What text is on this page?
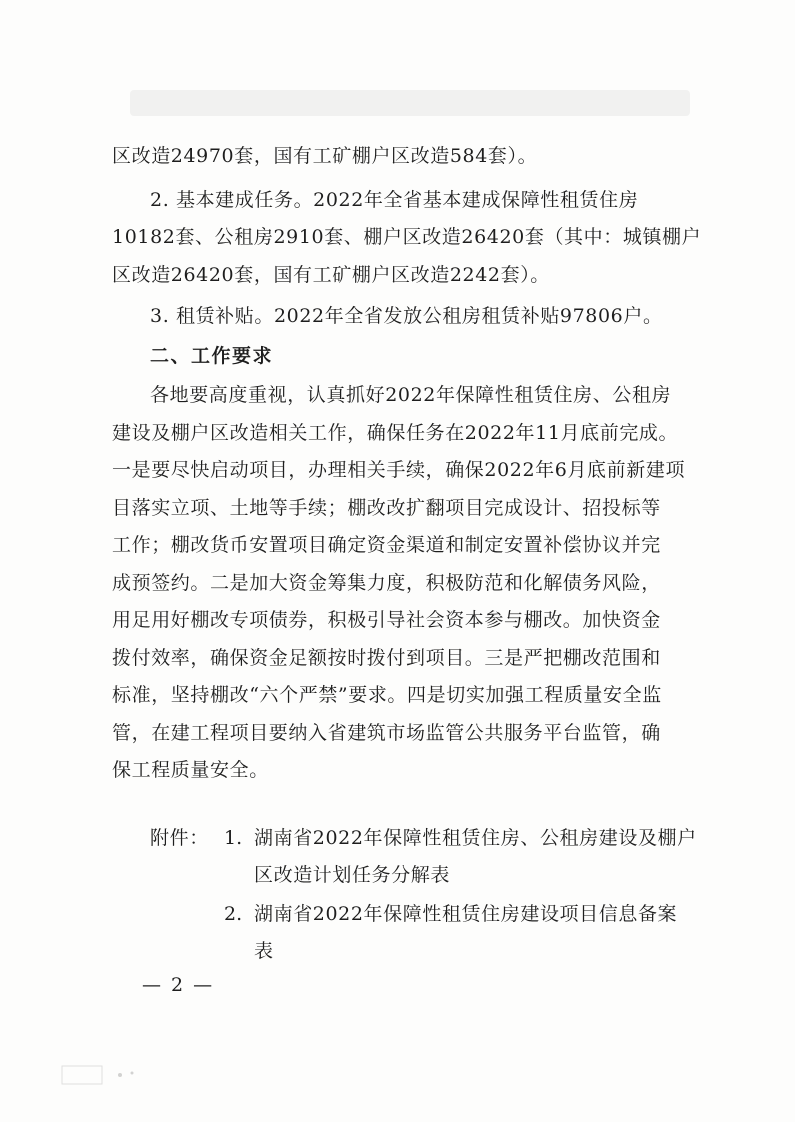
区改造24970套，国有工矿棚户区改造584套）。
2. 基本建成任务。2022年全省基本建成保障性租赁住房
10182套、公租房2910套、棚户区改造26420套（其中：城镇棚户
区改造26420套，国有工矿棚户区改造2242套）。
3. 租赁补贴。2022年全省发放公租房租赁补贴97806户。
二、工作要求
各地要高度重视，认真抓好2022年保障性租赁住房、公租房
建设及棚户区改造相关工作，确保任务在2022年11月底前完成。
一是要尽快启动项目，办理相关手续，确保2022年6月底前新建项
目落实立项、土地等手续；棚改改扩翻项目完成设计、招投标等
工作；棚改货币安置项目确定资金渠道和制定安置补偿协议并完
成预签约。二是加大资金筹集力度，积极防范和化解债务风险，
用足用好棚改专项债券，积极引导社会资本参与棚改。加快资金
拨付效率，确保资金足额按时拨付到项目。三是严把棚改范围和
标准，坚持棚改“六个严禁”要求。四是切实加强工程质量安全监
管，在建工程项目要纳入省建筑市场监管公共服务平台监管，确
保工程质量安全。
附件： 1. 湖南省2022年保障性租赁住房、公租房建设及棚户
区改造计划任务分解表
2. 湖南省2022年保障性租赁住房建设项目信息备案
表
— 2 —
